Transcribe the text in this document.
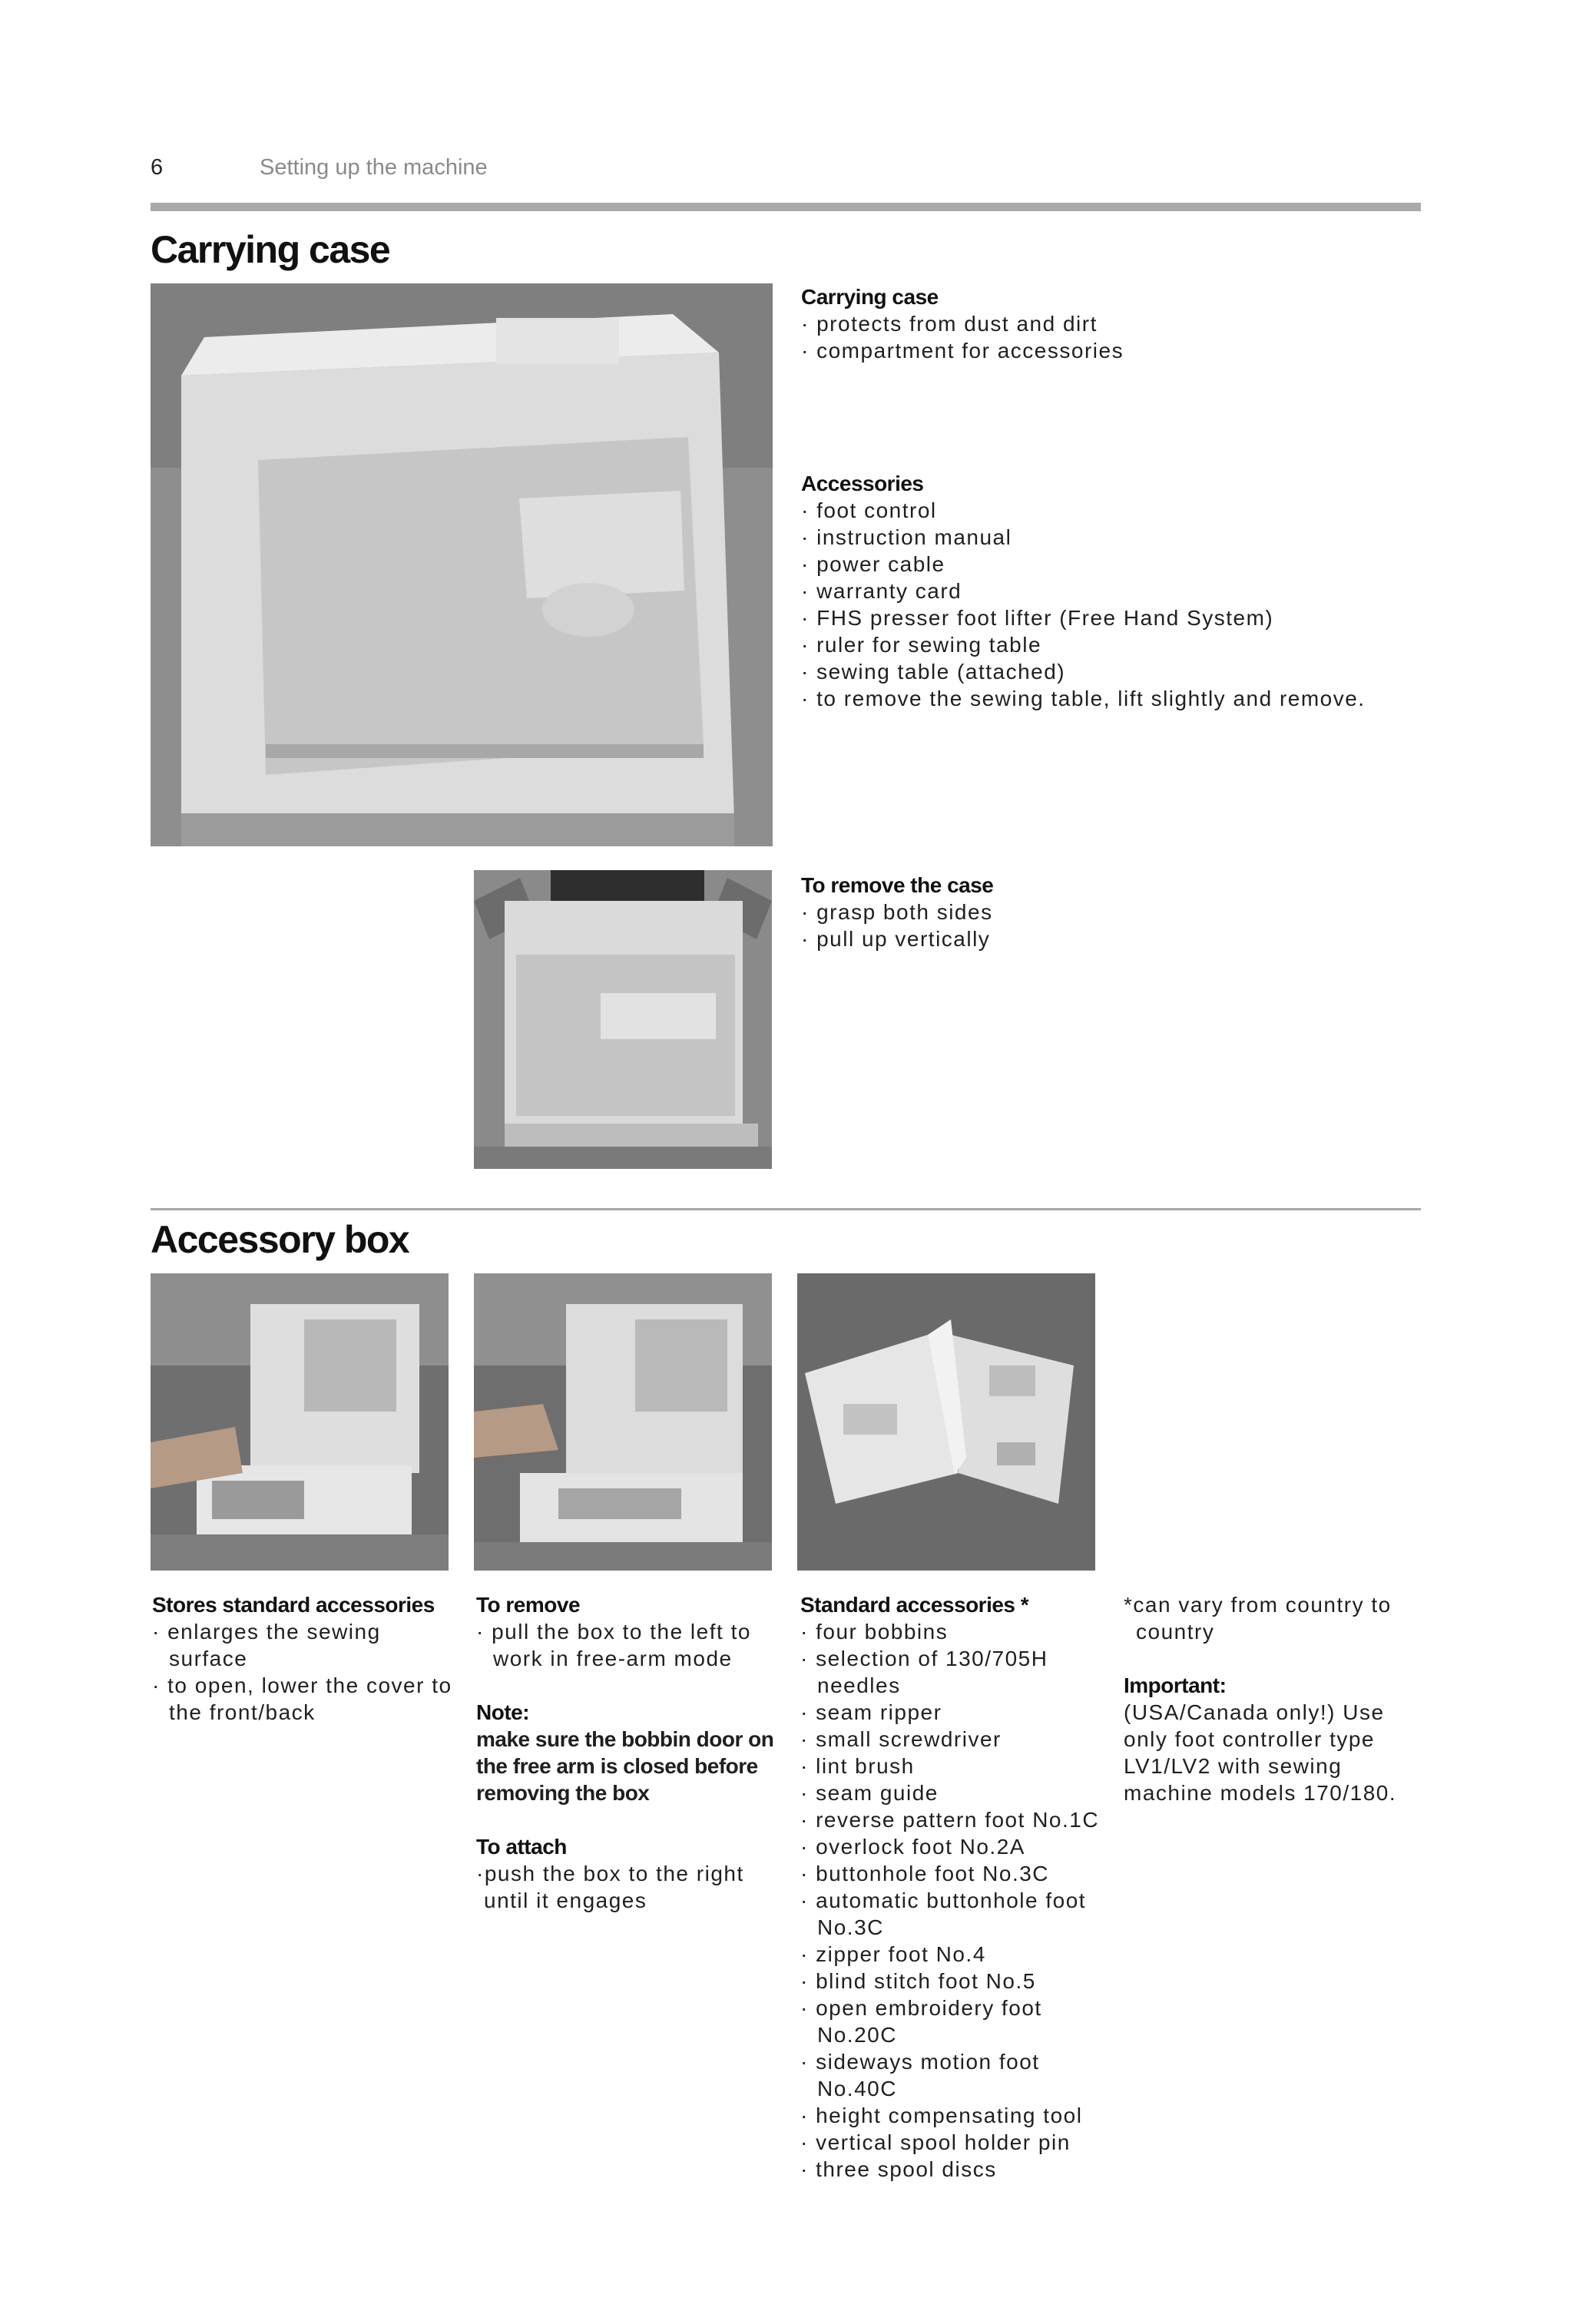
6	Setting up the machine
Carrying case
Carrying case
· protects from dust and dirt
· compartment for accessories
Accessories
· foot control
· instruction manual
· power cable
· warranty card
· FHS presser foot lifter (Free Hand System)
· ruler for sewing table
· sewing table (attached)
· to remove the sewing table, lift slightly and remove.
To remove the case
· grasp both sides
· pull up vertically
Accessory box
Stores standard accessories
· enlarges the sewing surface
· to open, lower the cover to the front/back
To remove
· pull the box to the left to work in free-arm mode
Note:

make sure the bobbin door on the free arm is closed before removing the box

To attach

·push the box to the right until it engages

Standard accessories *
· four bobbins
· selection of 130/705H needles
· seam ripper
· small screwdriver
· lint brush
· seam guide
· reverse pattern foot No.1C
· overlock foot No.2A
· buttonhole foot No.3C
· automatic buttonhole foot No.3C
· zipper foot No.4
· blind stitch foot No.5
· open embroidery foot No.20C
· sideways motion foot No.40C
· height compensating tool
· vertical spool holder pin
· three spool discs

*can vary from country to country

Important:

(USA/Canada only!) Use only foot controller type LV1/LV2 with sewing machine models 170/180.
